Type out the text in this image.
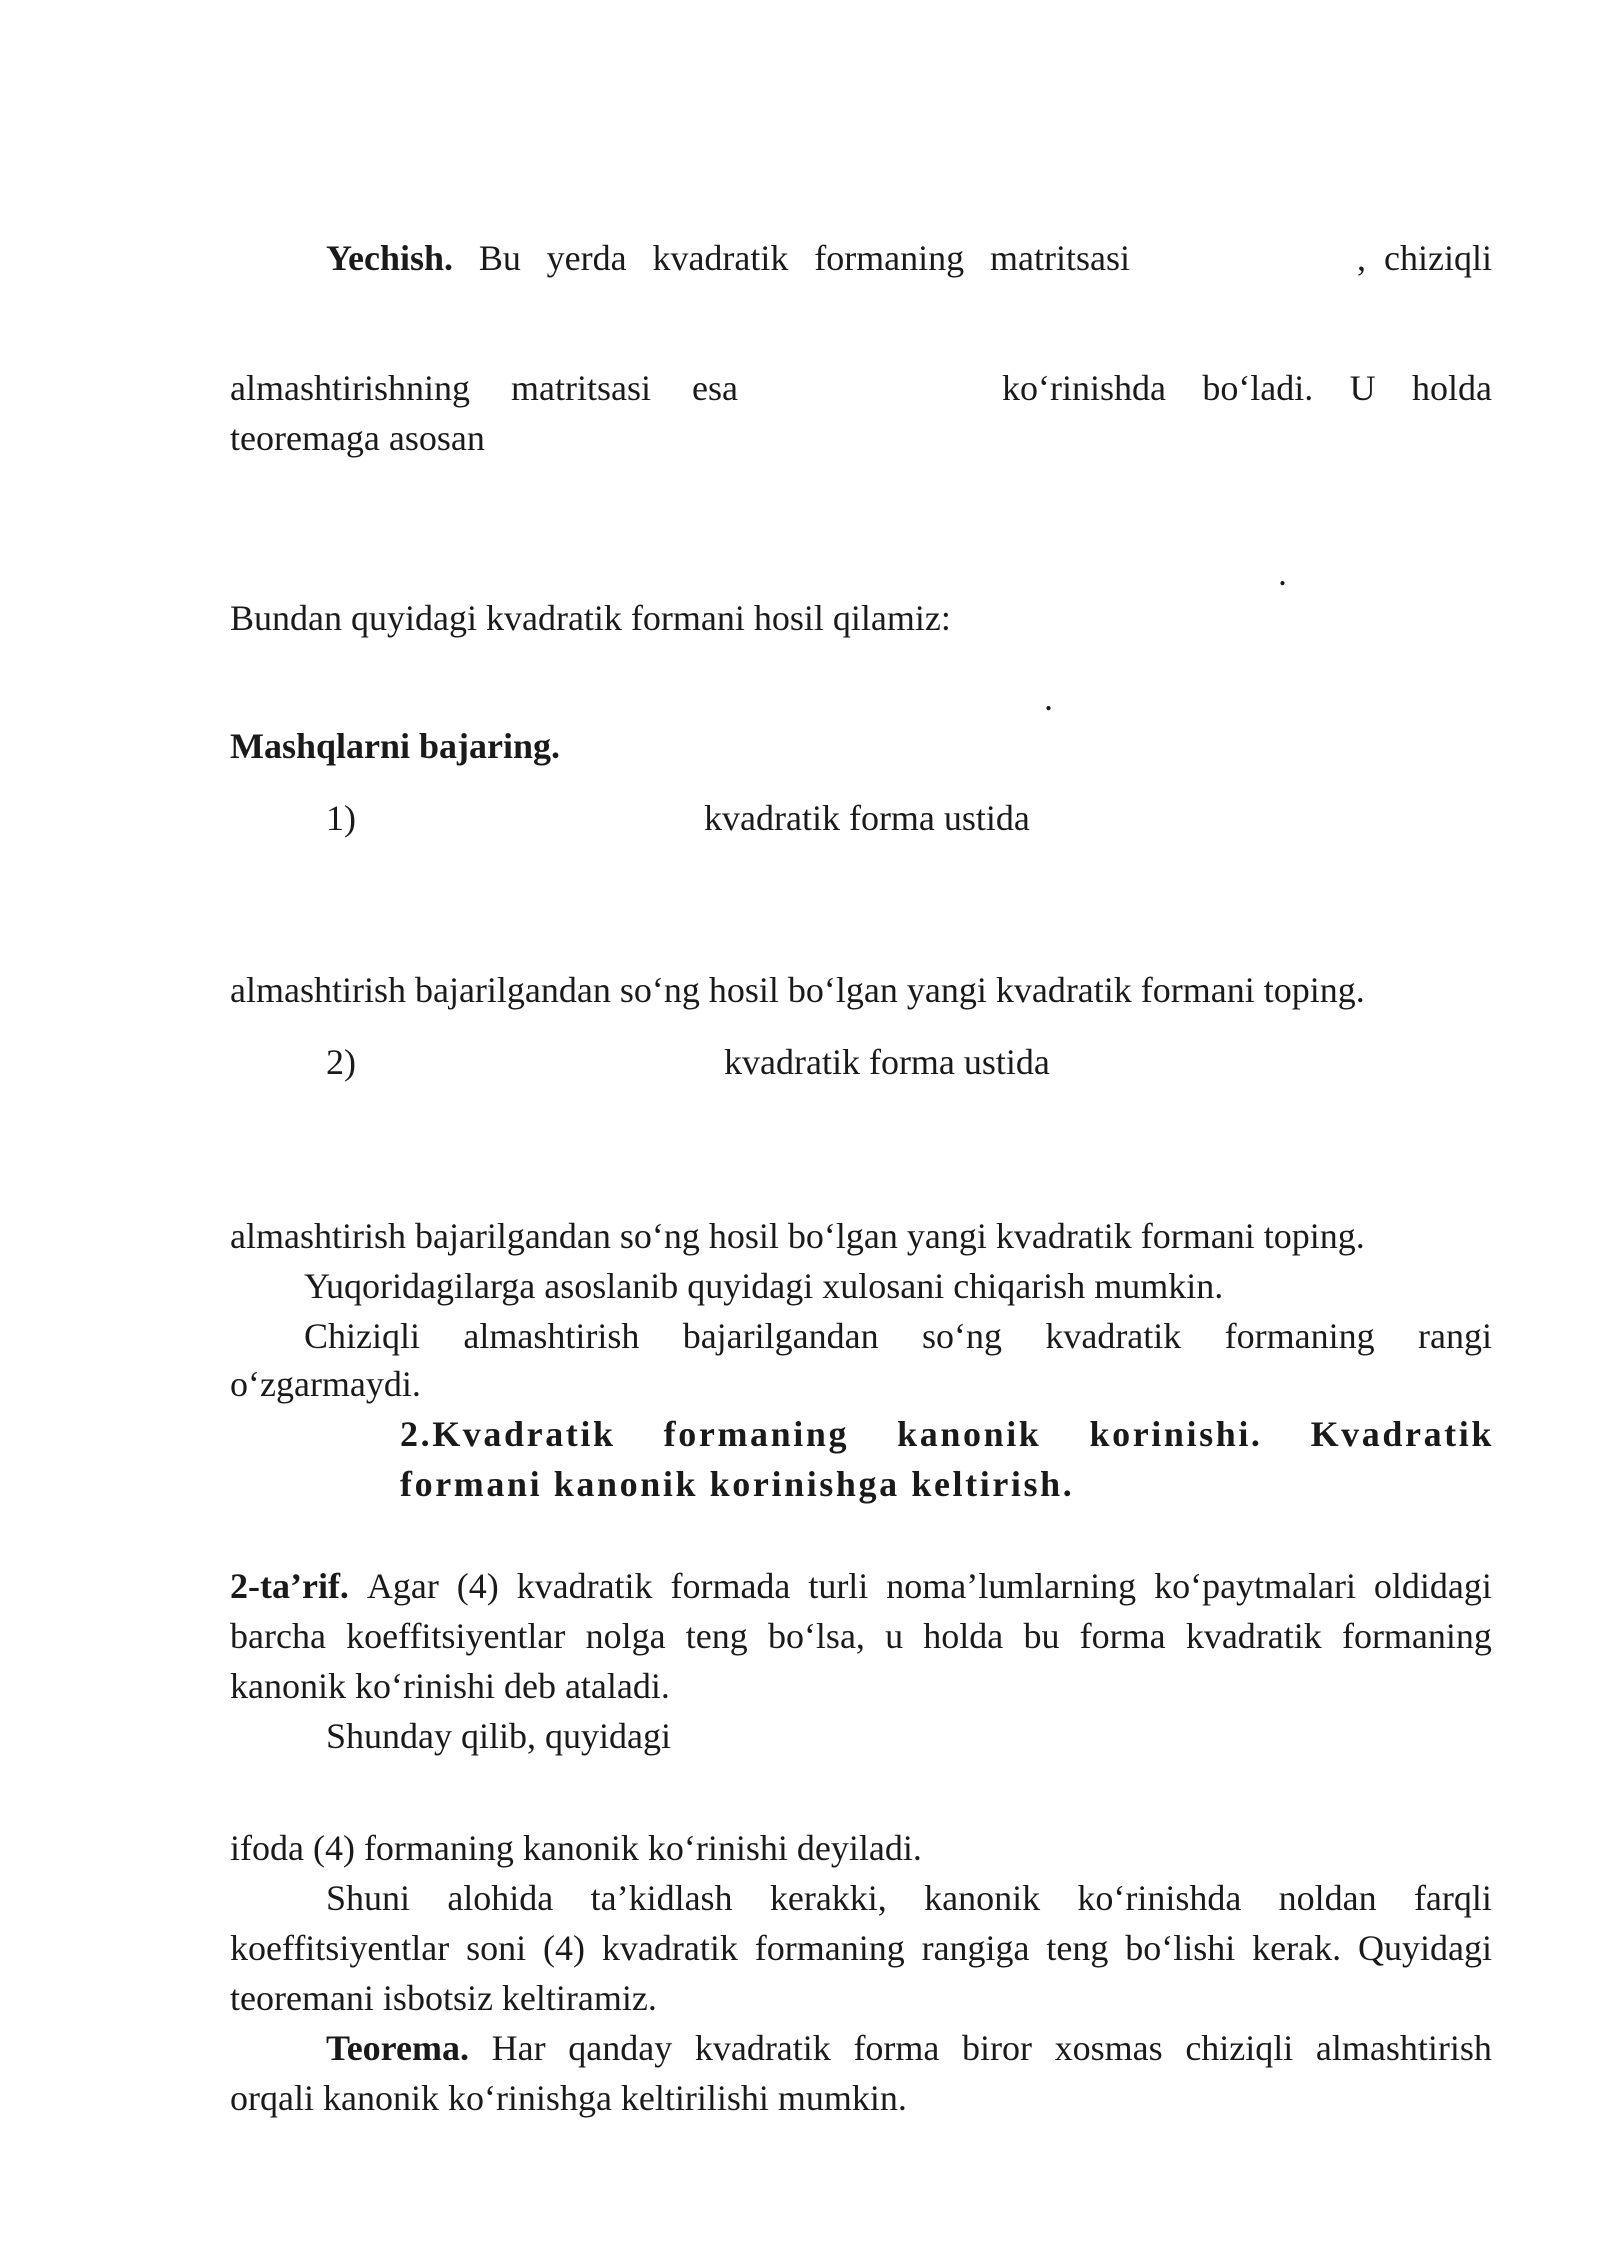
Yechish. Bu yerda kvadratik formaning matritsasi	,  chiziqli
almashtirishning matritsasi esa	ko‘rinishda bo‘ladi. U holda
teoremaga asosan
.
Bundan quyidagi kvadratik formani hosil qilamiz:
.
Mashqlarni bajaring.
1)	kvadratik forma ustida
almashtirish bajarilgandan so‘ng hosil bo‘lgan yangi kvadratik formani toping.
2)	kvadratik forma ustida
almashtirish bajarilgandan so‘ng hosil bo‘lgan yangi kvadratik formani toping.
Yuqoridagilarga asoslanib quyidagi xulosani chiqarish mumkin.
Chiziqli almashtirish bajarilgandan so‘ng kvadratik formaning rangi
o‘zgarmaydi.
2.Kvadratik formaning kanonik korinishi. Kvadratik
formani kanonik korinishga keltirish.
2-ta’rif. Agar (4) kvadratik formada turli noma’lumlarning ko‘paytmalari oldidagi
barcha koeffitsiyentlar nolga teng bo‘lsa, u holda bu forma kvadratik formaning
kanonik ko‘rinishi deb ataladi.
Shunday qilib, quyidagi
ifoda (4) formaning kanonik ko‘rinishi deyiladi.
Shuni alohida ta’kidlash kerakki, kanonik ko‘rinishda noldan farqli
koeffitsiyentlar soni (4) kvadratik formaning rangiga teng bo‘lishi kerak. Quyidagi
teoremani isbotsiz keltiramiz.
Teorema. Har qanday kvadratik forma biror xosmas chiziqli almashtirish
orqali kanonik ko‘rinishga keltirilishi mumkin.
